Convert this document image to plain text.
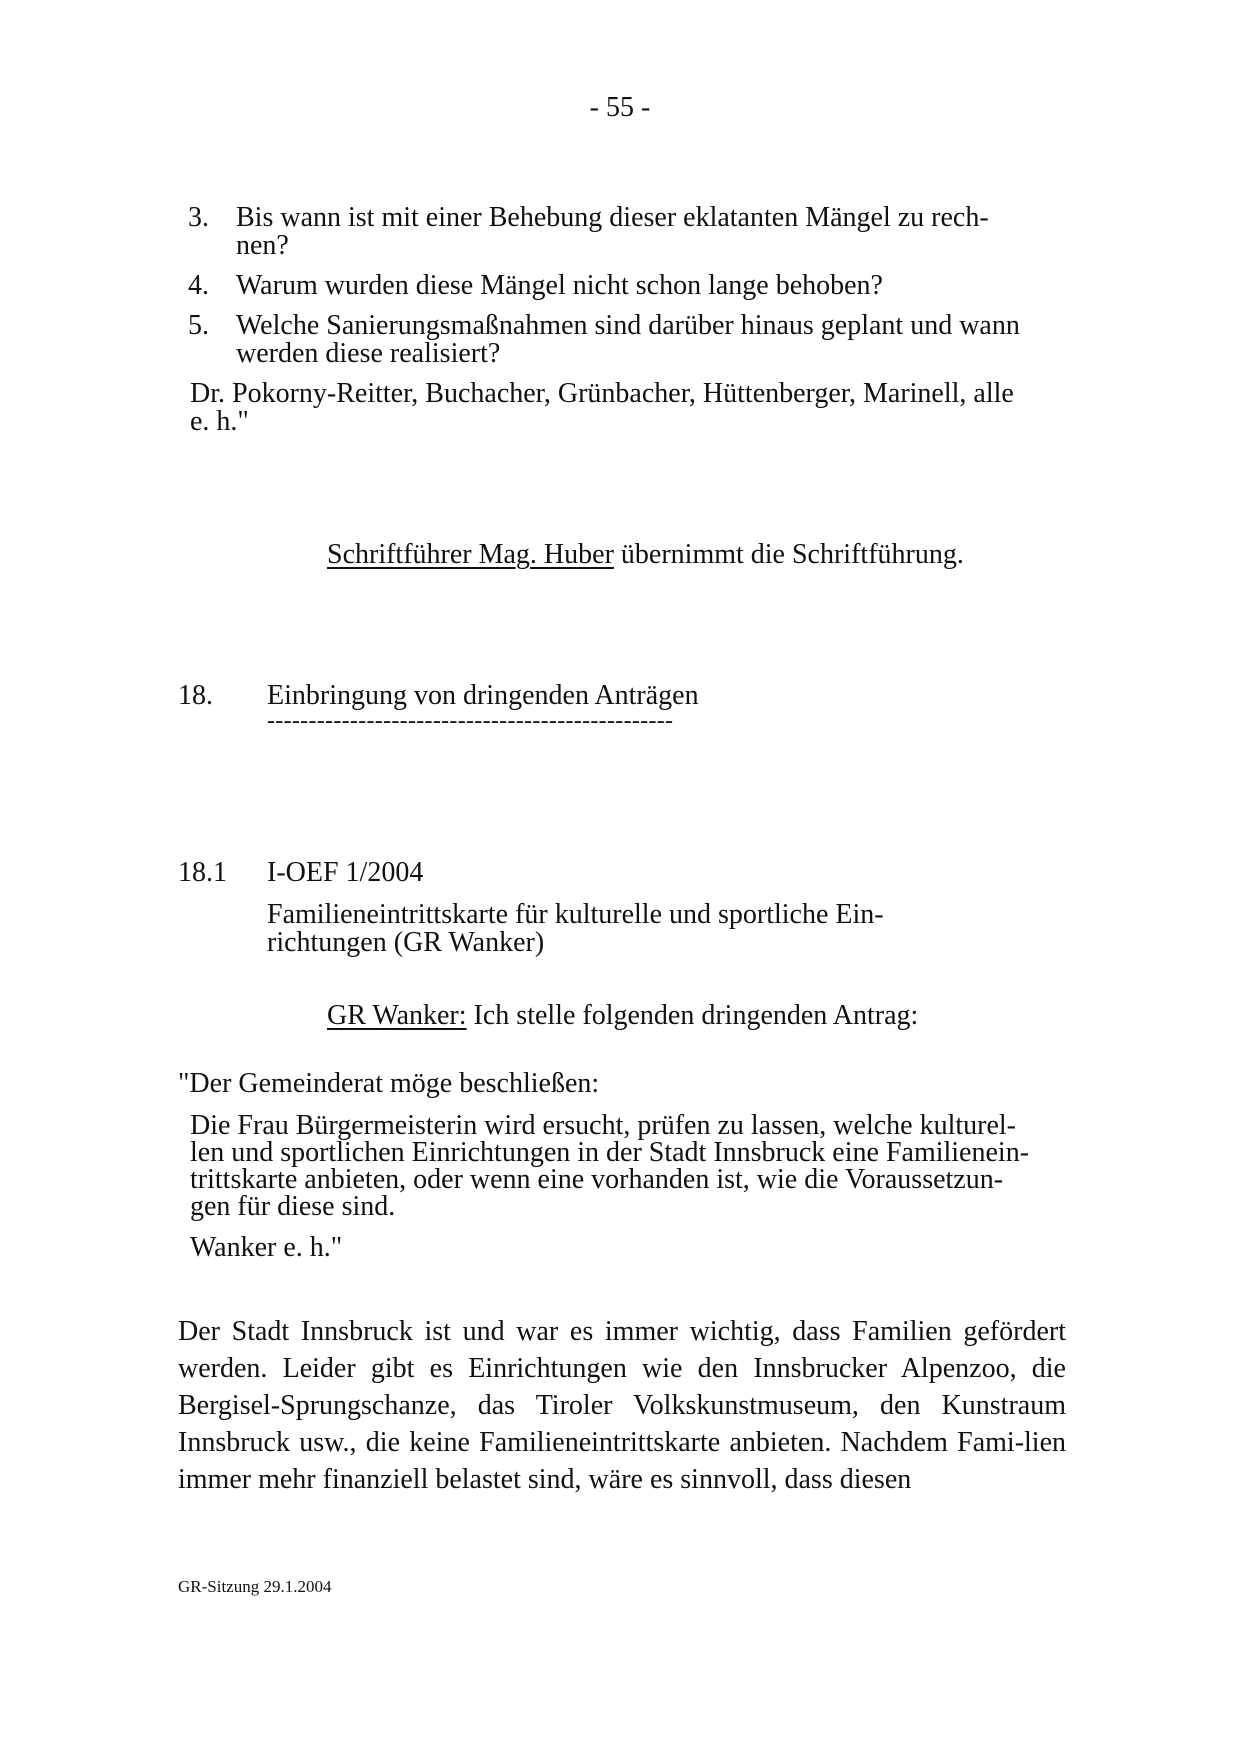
- 55 -
3. Bis wann ist mit einer Behebung dieser eklatanten Mängel zu rech-
nen?
4. Warum wurden diese Mängel nicht schon lange behoben?
5. Welche Sanierungsmaßnahmen sind darüber hinaus geplant und wann
werden diese realisiert?
Dr. Pokorny-Reitter, Buchacher, Grünbacher, Hüttenberger, Marinell, alle
e. h."
Schriftführer Mag. Huber übernimmt die Schriftführung.
18. Einbringung von dringenden Anträgen
-------------------------------------------------
18.1 I-OEF 1/2004
Familieneintrittskarte für kulturelle und sportliche Ein-
richtungen (GR Wanker)
GR Wanker: Ich stelle folgenden dringenden Antrag:
"Der Gemeinderat möge beschließen:
Die Frau Bürgermeisterin wird ersucht, prüfen zu lassen, welche kulturel-
len und sportlichen Einrichtungen in der Stadt Innsbruck eine Familienein-
trittskarte anbieten, oder wenn eine vorhanden ist, wie die Voraussetzun-
gen für diese sind.
Wanker e. h."
Der Stadt Innsbruck ist und war es immer wichtig, dass Familien gefördert werden. Leider gibt es Einrichtungen wie den Innsbrucker Alpenzoo, die Bergisel-Sprungschanze, das Tiroler Volkskunstmuseum, den Kunstraum Innsbruck usw., die keine Familieneintrittskarte anbieten. Nachdem Fami-lien immer mehr finanziell belastet sind, wäre es sinnvoll, dass diesen
GR-Sitzung 29.1.2004
